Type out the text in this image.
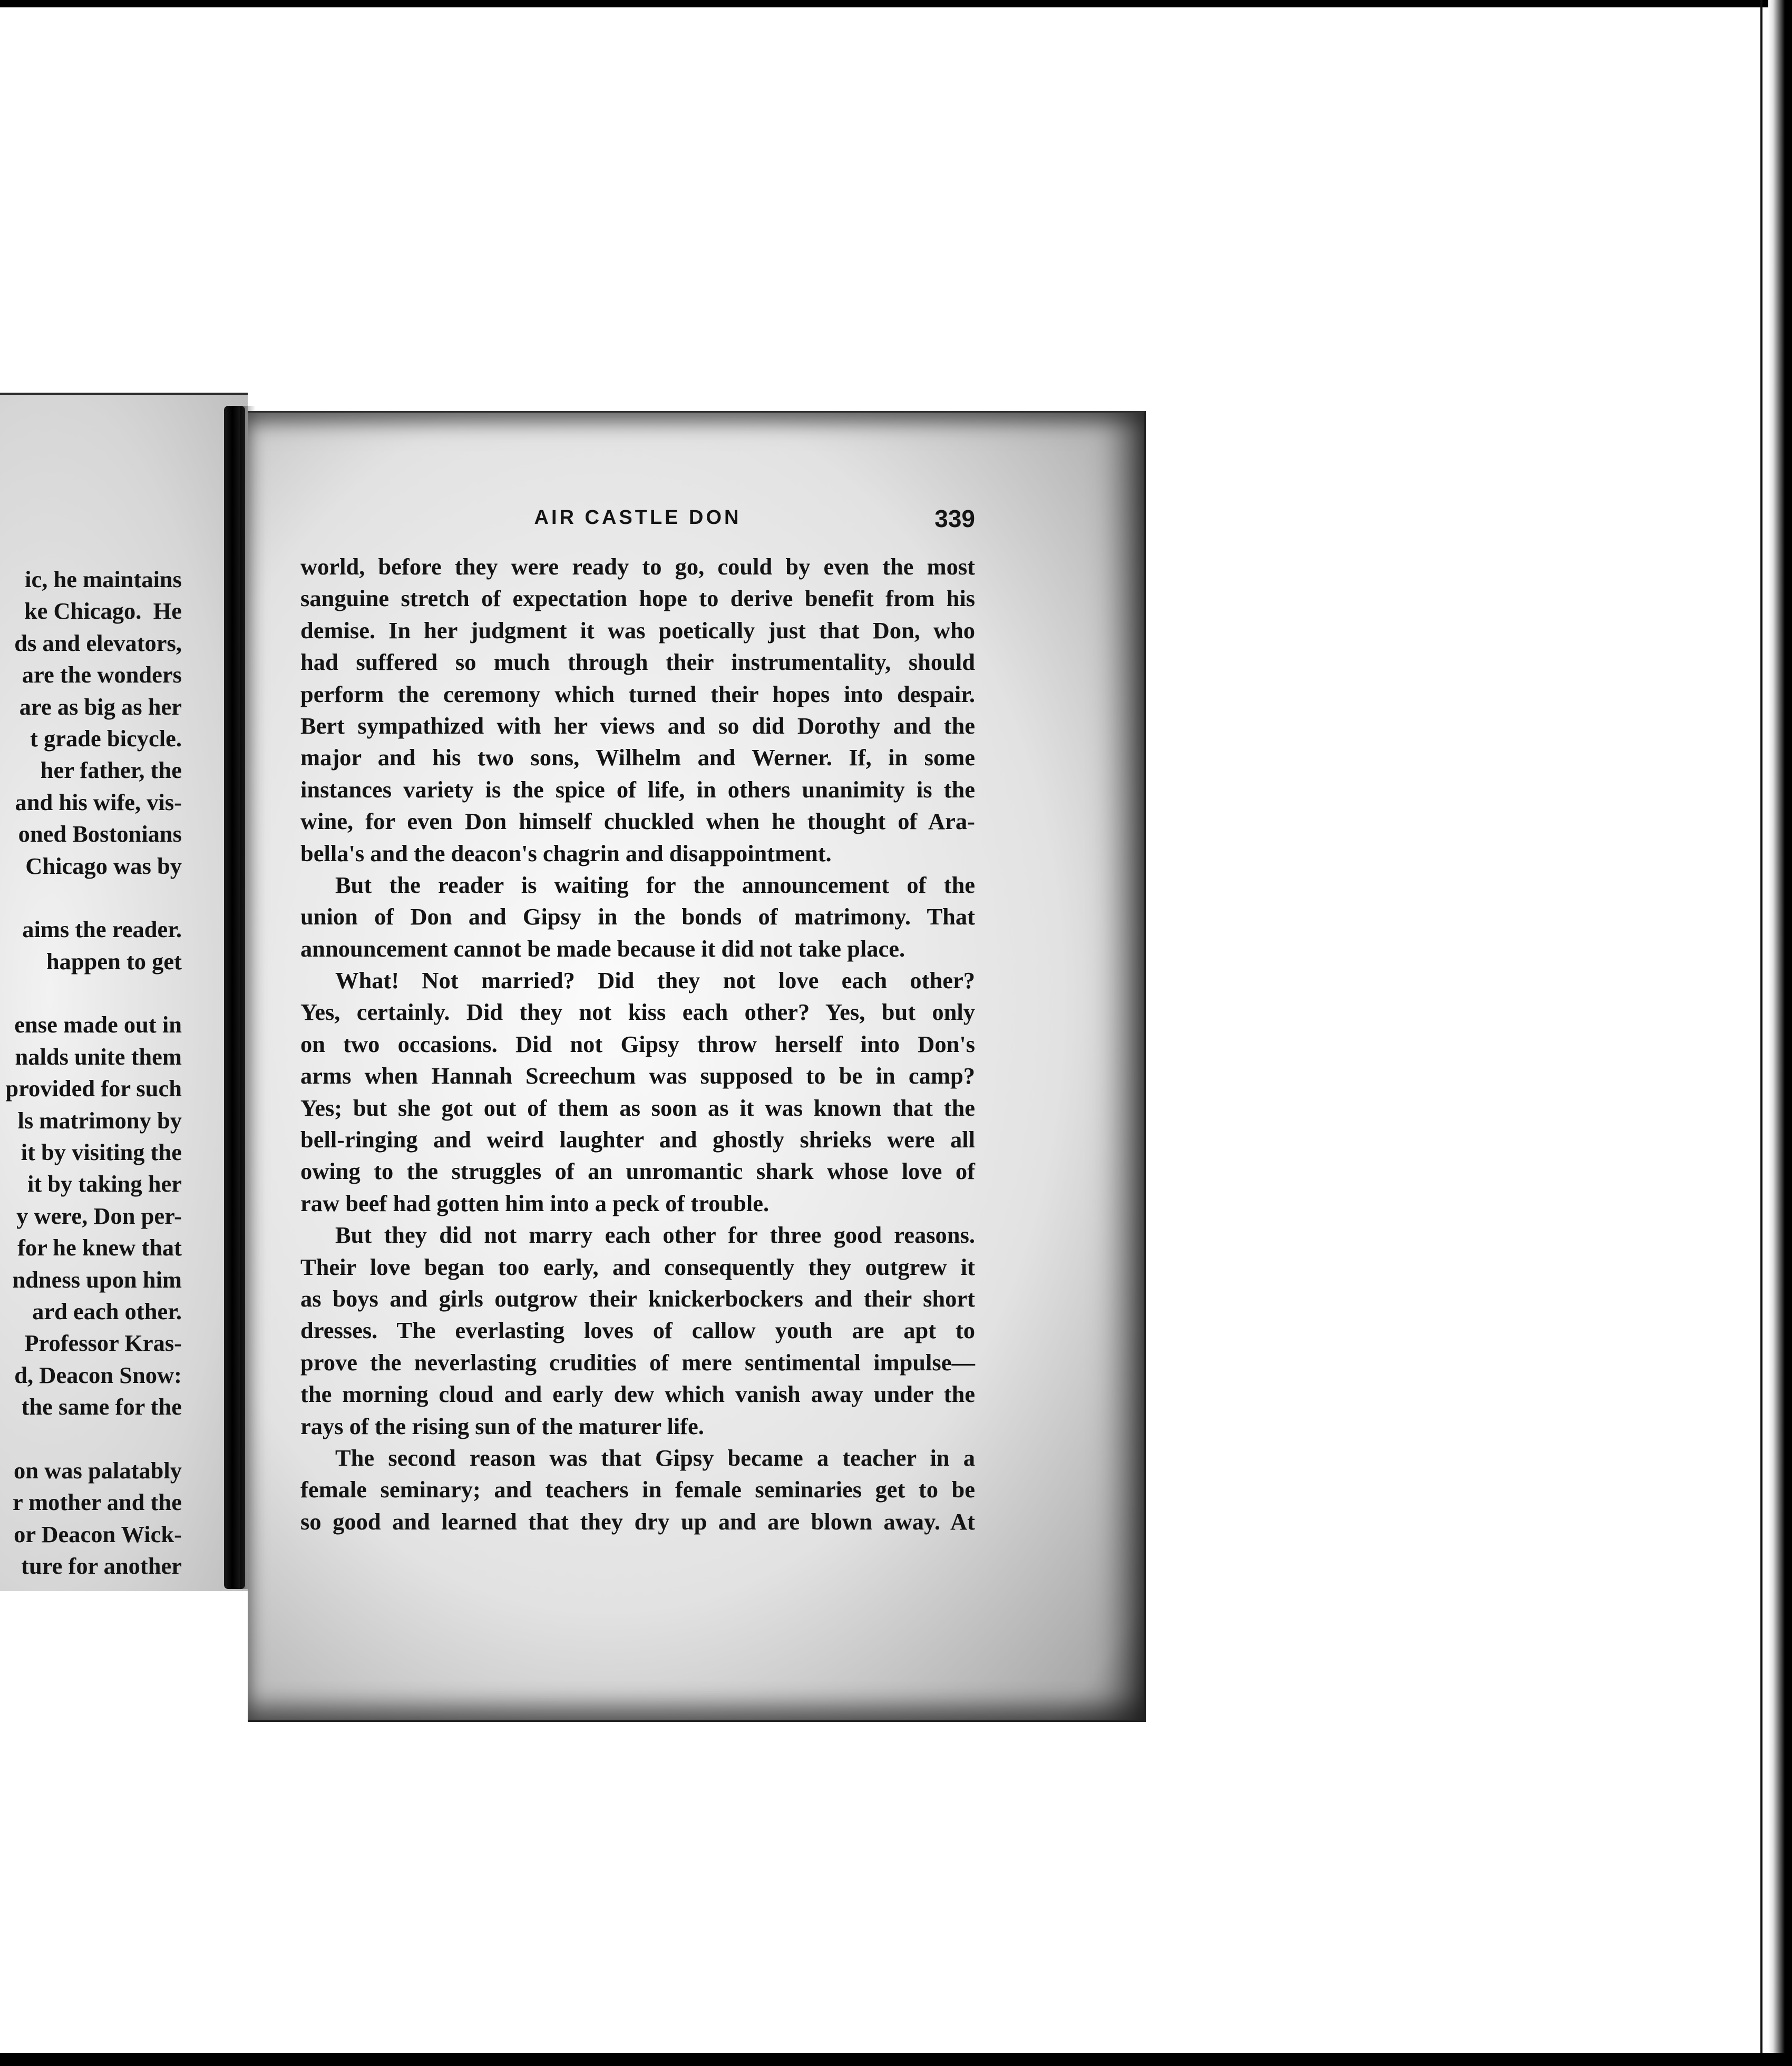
ic, he maintains
ke Chicago.  He
ds and elevators,
are the wonders
are as big as her
t grade bicycle.
her father, the
and his wife, vis-
oned Bostonians
Chicago was by
aims the reader.
happen to get
ense made out in
nalds unite them
provided for such
ls matrimony by
it by visiting the
it by taking her
y were, Don per-
for he knew that
ndness upon him
ard each other.
Professor Kras-
d, Deacon Snow:
the same for the
on was palatably
r mother and the
or Deacon Wick-
ture for another
AIR CASTLE DON	339
world, before they were ready to go, could by even the most
sanguine stretch of expectation hope to derive benefit from his
demise. In her judgment it was poetically just that Don, who
had suffered so much through their instrumentality, should
perform the ceremony which turned their hopes into despair.
Bert sympathized with her views and so did Dorothy and the
major and his two sons, Wilhelm and Werner. If, in some
instances variety is the spice of life, in others unanimity is the
wine, for even Don himself chuckled when he thought of Ara-
bella's and the deacon's chagrin and disappointment.
But the reader is waiting for the announcement of the
union of Don and Gipsy in the bonds of matrimony. That
announcement cannot be made because it did not take place.
What! Not married? Did they not love each other?
Yes, certainly. Did they not kiss each other? Yes, but only
on two occasions. Did not Gipsy throw herself into Don's
arms when Hannah Screechum was supposed to be in camp?
Yes; but she got out of them as soon as it was known that the
bell-ringing and weird laughter and ghostly shrieks were all
owing to the struggles of an unromantic shark whose love of
raw beef had gotten him into a peck of trouble.
But they did not marry each other for three good reasons.
Their love began too early, and consequently they outgrew it
as boys and girls outgrow their knickerbockers and their short
dresses. The everlasting loves of callow youth are apt to
prove the neverlasting crudities of mere sentimental impulse—
the morning cloud and early dew which vanish away under the
rays of the rising sun of the maturer life.
The second reason was that Gipsy became a teacher in a
female seminary; and teachers in female seminaries get to be
so good and learned that they dry up and are blown away. At
